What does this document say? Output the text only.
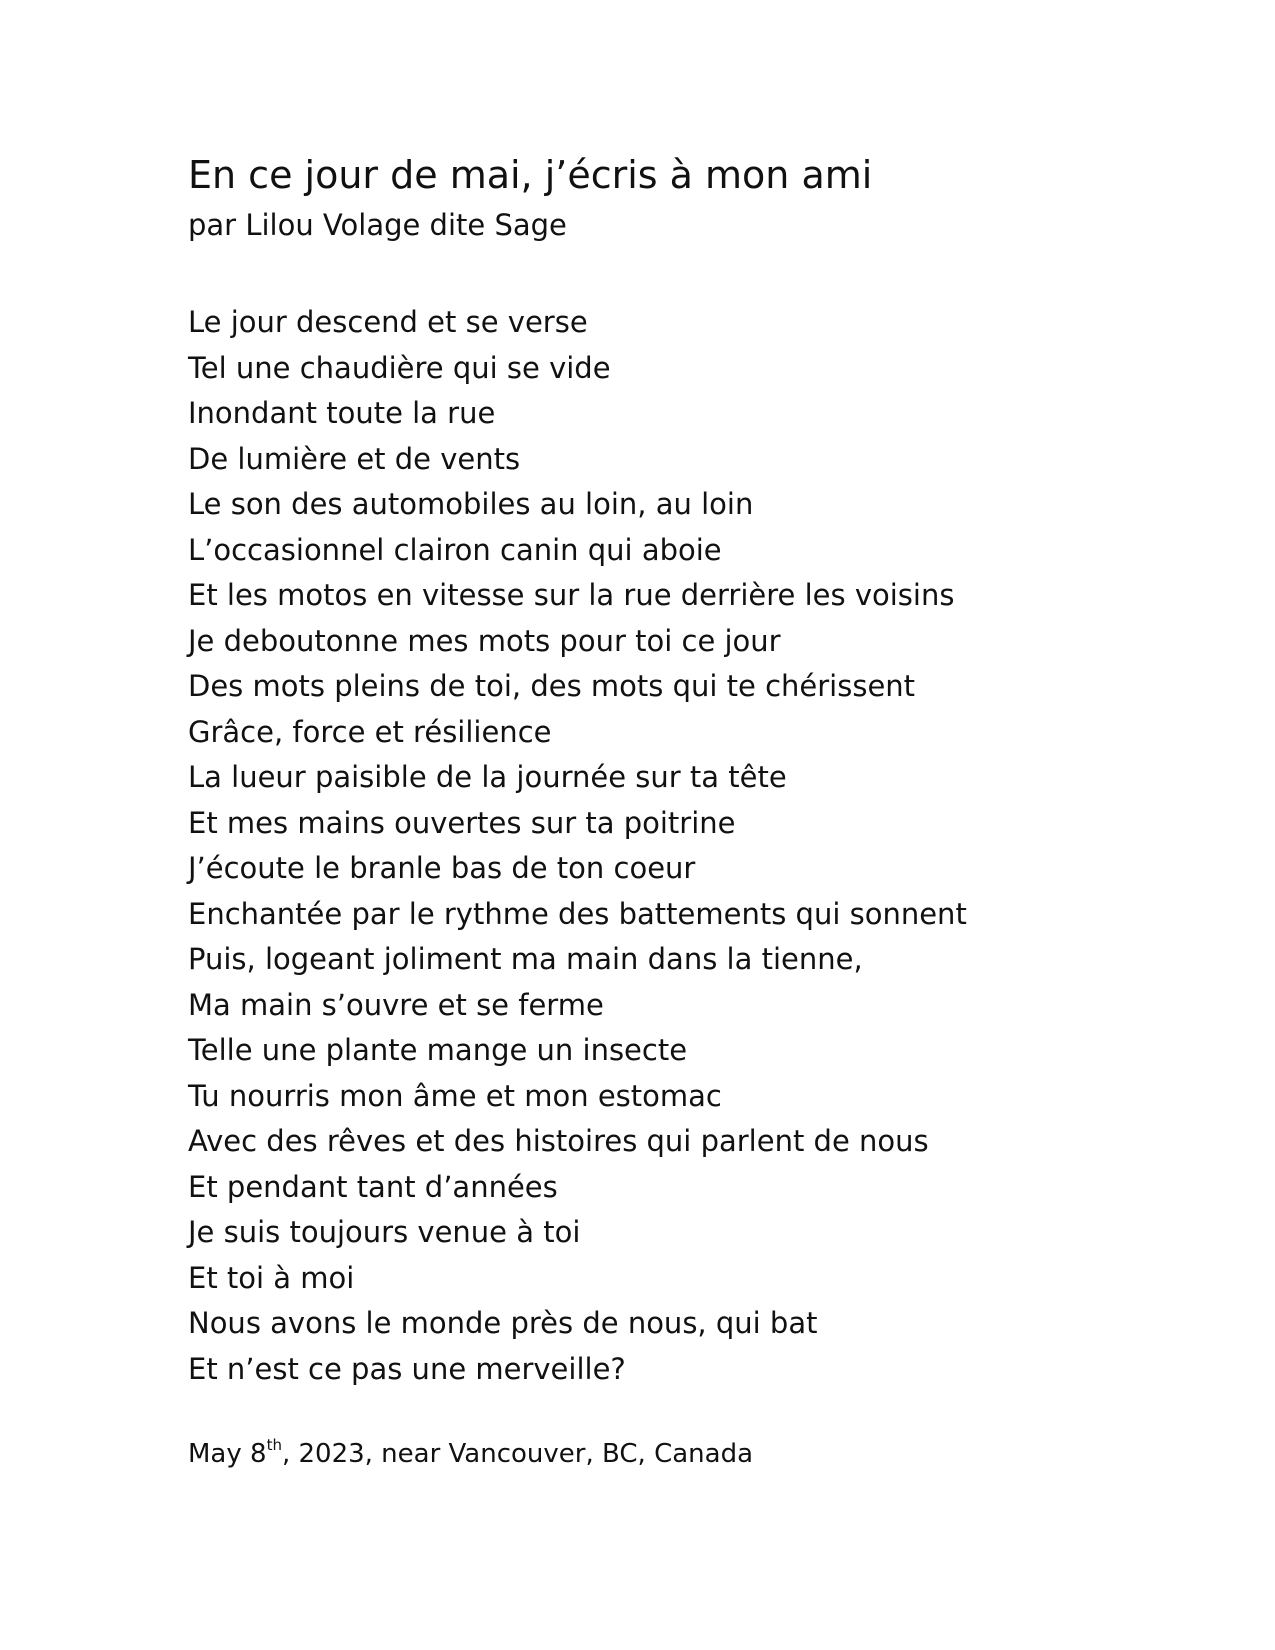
En ce jour de mai, j’écris à mon ami

par Lilou Volage dite Sage

Le jour descend et se verse

Tel une chaudière qui se vide

Inondant toute la rue

De lumière et de vents

Le son des automobiles au loin, au loin

L’occasionnel clairon canin qui aboie

Et les motos en vitesse sur la rue derrière les voisins

Je deboutonne mes mots pour toi ce jour

Des mots pleins de toi, des mots qui te chérissent

Grâce, force et résilience

La lueur paisible de la journée sur ta tête

Et mes mains ouvertes sur ta poitrine

J’écoute le branle bas de ton coeur

Enchantée par le rythme des battements qui sonnent

Puis, logeant joliment ma main dans la tienne,

Ma main s’ouvre et se ferme

Telle une plante mange un insecte

Tu nourris mon âme et mon estomac

Avec des rêves et des histoires qui parlent de nous

Et pendant tant d’années

Je suis toujours venue à toi

Et toi à moi

Nous avons le monde près de nous, qui bat

Et n’est ce pas une merveille?

May 8th, 2023, near Vancouver, BC, Canada
